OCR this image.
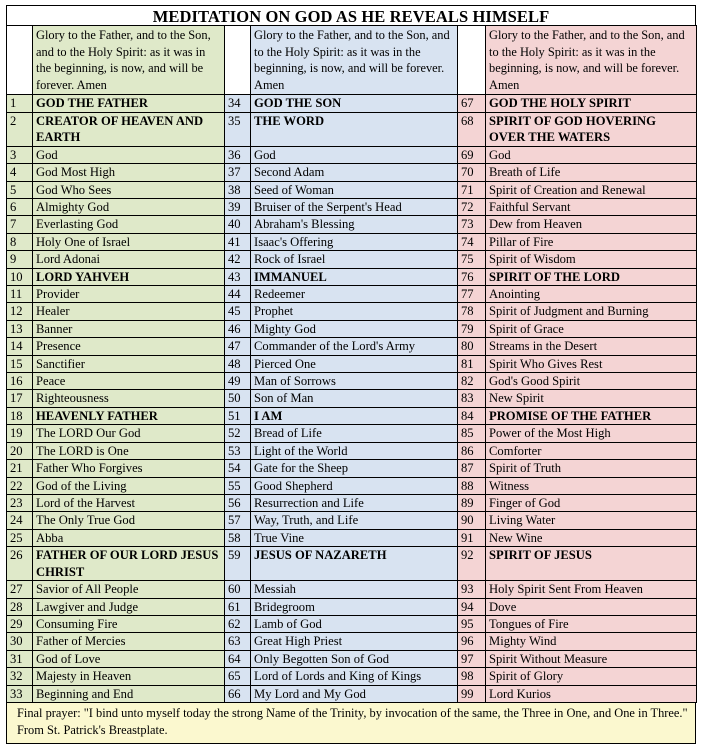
MEDITATION ON GOD AS HE REVEALS HIMSELF
	Glory to the Father, and to the Son, and to the Holy Spirit: as it was in the beginning, is now, and will be forever. Amen		Glory to the Father, and to the Son, and to the Holy Spirit: as it was in the beginning, is now, and will be forever. Amen		Glory to the Father, and to the Son, and to the Holy Spirit: as it was in the beginning, is now, and will be forever. Amen
1	GOD THE FATHER	34	GOD THE SON	67	GOD THE HOLY SPIRIT
2	CREATOR OF HEAVEN AND EARTH	35	THE WORD	68	SPIRIT OF GOD HOVERING OVER THE WATERS
3	God	36	God	69	God
4	God Most High	37	Second Adam	70	Breath of Life
5	God Who Sees	38	Seed of Woman	71	Spirit of Creation and Renewal
6	Almighty God	39	Bruiser of the Serpent's Head	72	Faithful Servant
7	Everlasting God	40	Abraham's Blessing	73	Dew from Heaven
8	Holy One of Israel	41	Isaac's Offering	74	Pillar of Fire
9	Lord Adonai	42	Rock of Israel	75	Spirit of Wisdom
10	LORD YAHVEH	43	IMMANUEL	76	SPIRIT OF THE LORD
11	Provider	44	Redeemer	77	Anointing
12	Healer	45	Prophet	78	Spirit of Judgment and Burning
13	Banner	46	Mighty God	79	Spirit of Grace
14	Presence	47	Commander of the Lord's Army	80	Streams in the Desert
15	Sanctifier	48	Pierced One	81	Spirit Who Gives Rest
16	Peace	49	Man of Sorrows	82	God's Good Spirit
17	Righteousness	50	Son of Man	83	New Spirit
18	HEAVENLY FATHER	51	I AM	84	PROMISE OF THE FATHER
19	The LORD Our God	52	Bread of Life	85	Power of the Most High
20	The LORD is One	53	Light of the World	86	Comforter
21	Father Who Forgives	54	Gate for the Sheep	87	Spirit of Truth
22	God of the Living	55	Good Shepherd	88	Witness
23	Lord of the Harvest	56	Resurrection and Life	89	Finger of God
24	The Only True God	57	Way, Truth, and Life	90	Living Water
25	Abba	58	True Vine	91	New Wine
26	FATHER OF OUR LORD JESUS CHRIST	59	JESUS OF NAZARETH	92	SPIRIT OF JESUS
27	Savior of All People	60	Messiah	93	Holy Spirit Sent From Heaven
28	Lawgiver and Judge	61	Bridegroom	94	Dove
29	Consuming Fire	62	Lamb of God	95	Tongues of Fire
30	Father of Mercies	63	Great High Priest	96	Mighty Wind
31	God of Love	64	Only Begotten Son of God	97	Spirit Without Measure
32	Majesty in Heaven	65	Lord of Lords and King of Kings	98	Spirit of Glory
33	Beginning and End	66	My Lord and My God	99	Lord Kurios
Final prayer: "I bind unto myself today the strong Name of the Trinity, by invocation of the same, the Three in One, and One in Three." From St. Patrick's Breastplate.
